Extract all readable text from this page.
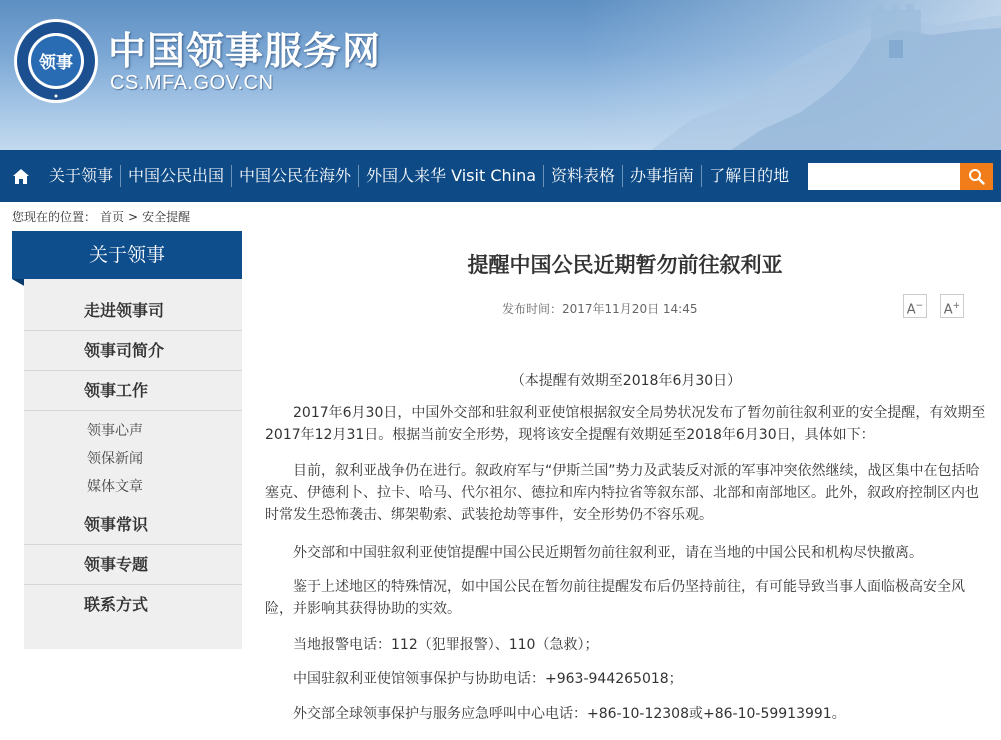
领事 中国领事服务网
CS.MFA.GOV.CN
关于领事 中国公民出国 中国公民在海外 外国人来华 Visit China 资料表格 办事指南 了解目的地
您现在的位置： 首页 > 安全提醒
关于领事
走进领事司
领事司简介
领事工作
领事心声
领保新闻
媒体文章
领事常识
领事专题
联系方式
提醒中国公民近期暂勿前往叙利亚
发布时间：2017年11月20日 14:45	A− A+
（本提醒有效期至2018年6月30日）
2017年6月30日，中国外交部和驻叙利亚使馆根据叙安全局势状况发布了暂勿前往叙利亚的安全提醒，有效期至2017年12月31日。根据当前安全形势，现将该安全提醒有效期延至2018年6月30日，具体如下：
目前，叙利亚战争仍在进行。叙政府军与“伊斯兰国”势力及武装反对派的军事冲突依然继续，战区集中在包括哈塞克、伊德利卜、拉卡、哈马、代尔祖尔、德拉和库内特拉省等叙东部、北部和南部地区。此外，叙政府控制区内也时常发生恐怖袭击、绑架勒索、武装抢劫等事件，安全形势仍不容乐观。
外交部和中国驻叙利亚使馆提醒中国公民近期暂勿前往叙利亚，请在当地的中国公民和机构尽快撤离。
鉴于上述地区的特殊情况，如中国公民在暂勿前往提醒发布后仍坚持前往，有可能导致当事人面临极高安全风险，并影响其获得协助的实效。
当地报警电话：112（犯罪报警）、110（急救）；
中国驻叙利亚使馆领事保护与协助电话：+963-944265018；
外交部全球领事保护与服务应急呼叫中心电话：+86-10-12308或+86-10-59913991。
